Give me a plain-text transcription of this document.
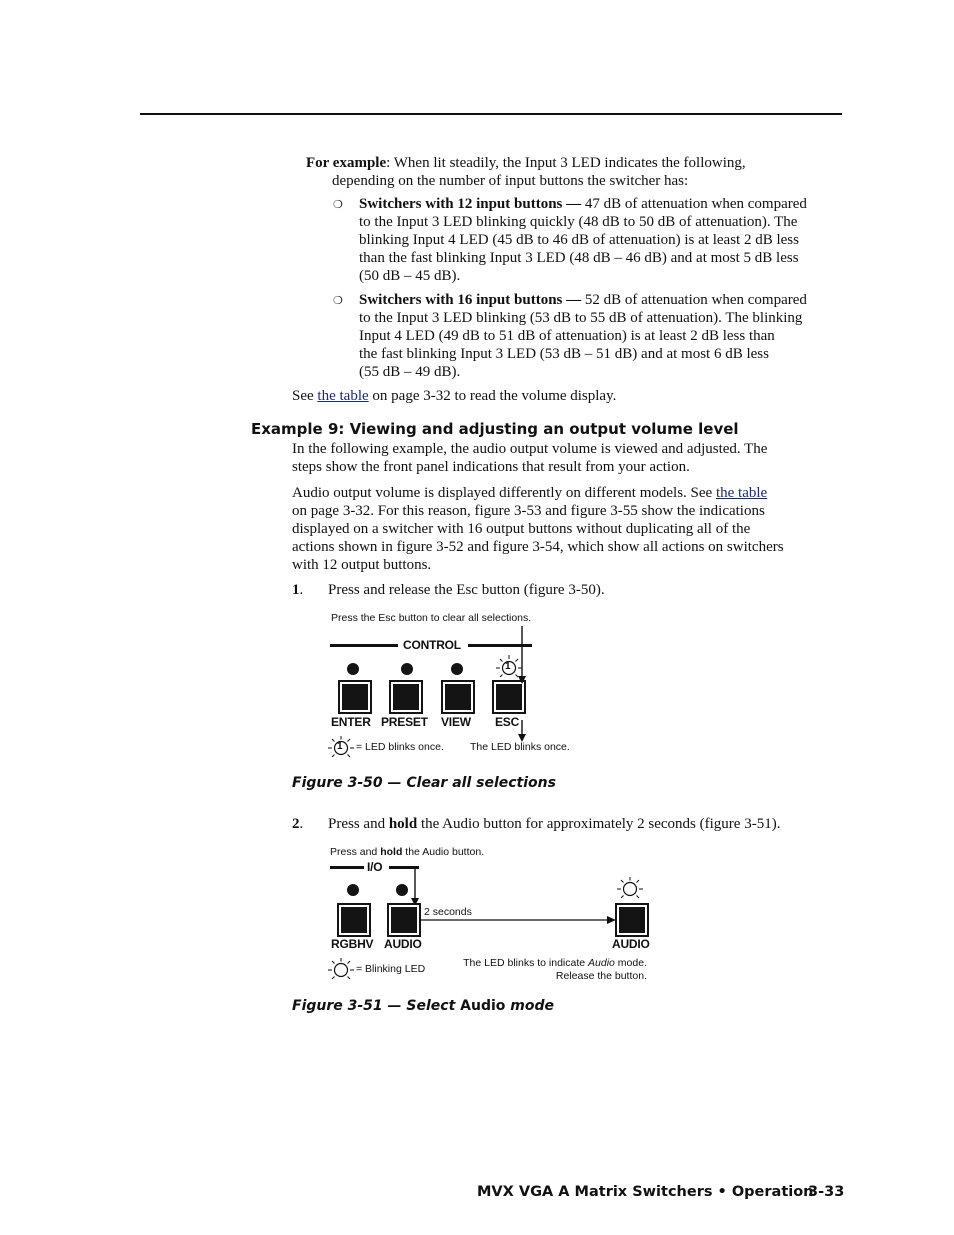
For example: When lit steadily, the Input 3 LED indicates the following,
depending on the number of input buttons the switcher has:
❍ Switchers with 12 input buttons — 47 dB of attenuation when compared
to the Input 3 LED blinking quickly (48 dB to 50 dB of attenuation). The
blinking Input 4 LED (45 dB to 46 dB of attenuation) is at least 2 dB less
than the fast blinking Input 3 LED (48 dB – 46 dB) and at most 5 dB less
(50 dB – 45 dB).
❍ Switchers with 16 input buttons — 52 dB of attenuation when compared
to the Input 3 LED blinking (53 dB to 55 dB of attenuation). The blinking
Input 4 LED (49 dB to 51 dB of attenuation) is at least 2 dB less than
the fast blinking Input 3 LED (53 dB – 51 dB) and at most 6 dB less
(55 dB – 49 dB).
See the table on page 3-32 to read the volume display.
Example 9: Viewing and adjusting an output volume level
In the following example, the audio output volume is viewed and adjusted. The
steps show the front panel indications that result from your action.
Audio output volume is displayed differently on different models. See the table
on page 3-32. For this reason, figure 3-53 and figure 3-55 show the indications
displayed on a switcher with 16 output buttons without duplicating all of the
actions shown in figure 3-52 and figure 3-54, which show all actions on switchers
with 12 output buttons.
1. Press and release the Esc button (figure 3-50).
Press the Esc button to clear all selections.
CONTROL
1
ENTER PRESET VIEW ESC
1 = LED blinks once. The LED blinks once.
Figure 3-50 — Clear all selections
2. Press and hold the Audio button for approximately 2 seconds (figure 3-51).
Press and hold the Audio button.
I/O
2 seconds
RGBHV AUDIO	AUDIO
= Blinking LED	The LED blinks to indicate Audio mode.
Release the button.
Figure 3-51 — Select Audio mode
MVX VGA A Matrix Switchers • Operation
3-33
